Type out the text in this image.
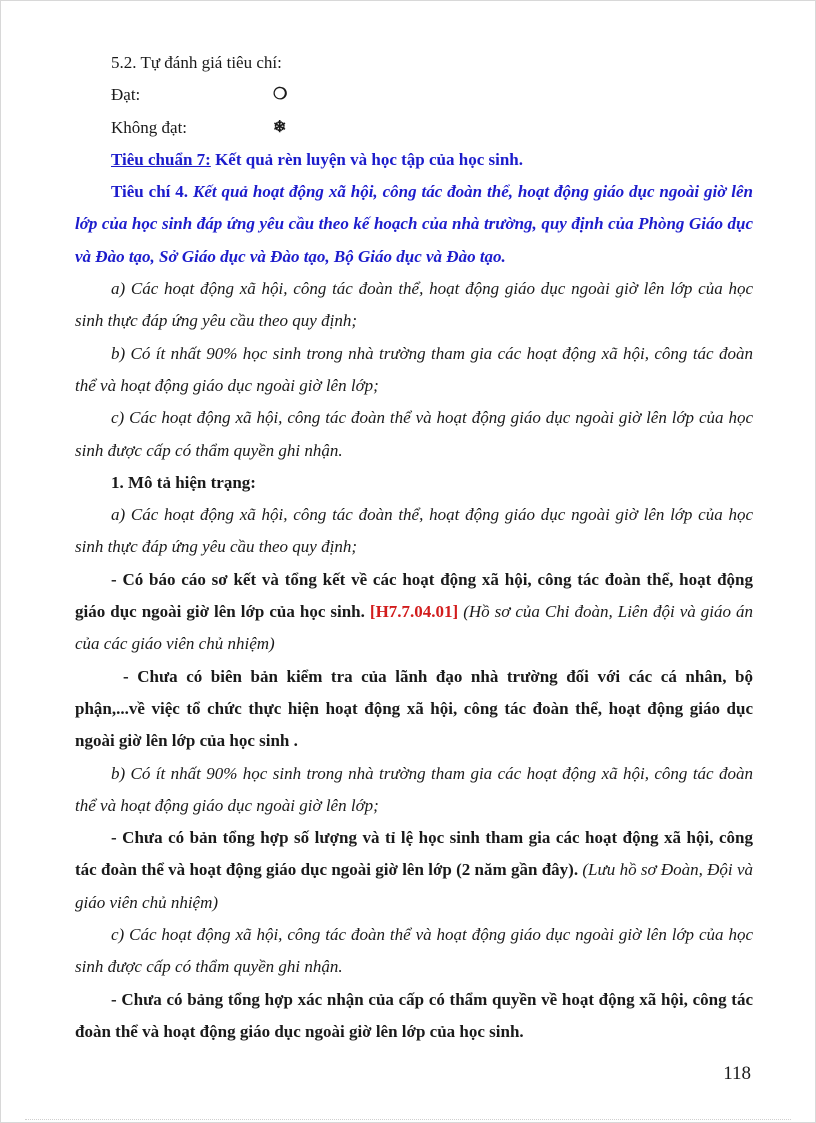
5.2. Tự đánh giá tiêu chí:

Đạt:	❍
Không đạt:	❄

Tiêu chuẩn 7: Kết quả rèn luyện và học tập của học sinh.

Tiêu chí 4. Kết quả hoạt động xã hội, công tác đoàn thể, hoạt động giáo dục ngoài giờ lên lớp của học sinh đáp ứng yêu cầu theo kế hoạch của nhà trường, quy định của Phòng Giáo dục và Đào tạo, Sở Giáo dục và Đào tạo, Bộ Giáo dục và Đào tạo.

a) Các hoạt động xã hội, công tác đoàn thể, hoạt động giáo dục ngoài giờ lên lớp của học sinh thực đáp ứng yêu cầu theo quy định;

b) Có ít nhất 90% học sinh trong nhà trường tham gia các hoạt động xã hội, công tác đoàn thể và hoạt động giáo dục ngoài giờ lên lớp;

c) Các hoạt động xã hội, công tác đoàn thể và hoạt động giáo dục ngoài giờ lên lớp của học sinh được cấp có thẩm quyền ghi nhận.

1. Mô tả hiện trạng:

a) Các hoạt động xã hội, công tác đoàn thể, hoạt động giáo dục ngoài giờ lên lớp của học sinh thực đáp ứng yêu cầu theo quy định;

- Có báo cáo sơ kết và tổng kết về các hoạt động xã hội, công tác đoàn thể, hoạt động giáo dục ngoài giờ lên lớp của học sinh. [H7.7.04.01] (Hồ sơ của Chi đoàn, Liên đội và giáo án của các giáo viên chủ nhiệm)

- Chưa có biên bản kiểm tra của lãnh đạo nhà trường đối với các cá nhân, bộ phận,...về việc tổ chức thực hiện hoạt động xã hội, công tác đoàn thể, hoạt động giáo dục ngoài giờ lên lớp của học sinh .

b) Có ít nhất 90% học sinh trong nhà trường tham gia các hoạt động xã hội, công tác đoàn thể và hoạt động giáo dục ngoài giờ lên lớp;

- Chưa có bản tổng hợp số lượng và tỉ lệ học sinh tham gia các hoạt động xã hội, công tác đoàn thể và hoạt động giáo dục ngoài giờ lên lớp (2 năm gần đây). (Lưu hồ sơ Đoàn, Đội và giáo viên chủ nhiệm)

c) Các hoạt động xã hội, công tác đoàn thể và hoạt động giáo dục ngoài giờ lên lớp của học sinh được cấp có thẩm quyền ghi nhận.

- Chưa có bảng tổng hợp xác nhận của cấp có thẩm quyền về hoạt động xã hội, công tác đoàn thể và hoạt động giáo dục ngoài giờ lên lớp của học sinh.

118
